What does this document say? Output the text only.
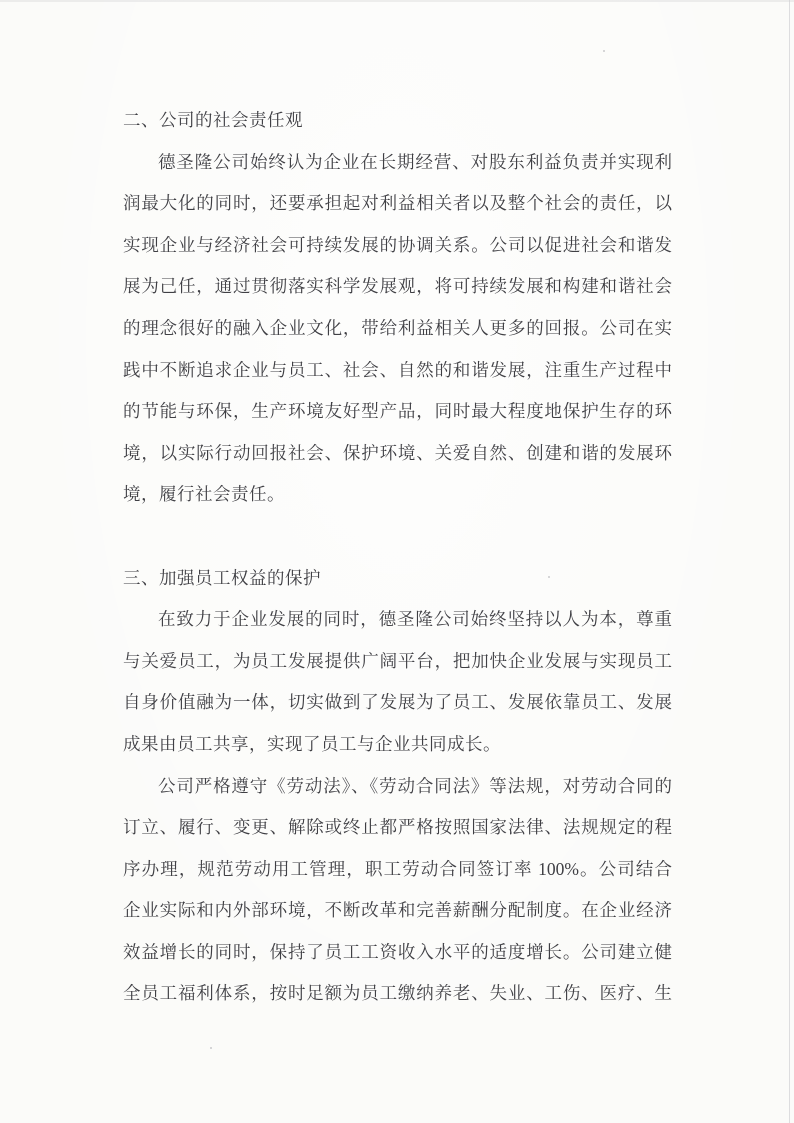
二、公司的社会责任观
德圣隆公司始终认为企业在长期经营、对股东利益负责并实现利
润最大化的同时，还要承担起对利益相关者以及整个社会的责任，以
实现企业与经济社会可持续发展的协调关系。公司以促进社会和谐发
展为己任，通过贯彻落实科学发展观，将可持续发展和构建和谐社会
的理念很好的融入企业文化，带给利益相关人更多的回报。公司在实
践中不断追求企业与员工、社会、自然的和谐发展，注重生产过程中
的节能与环保，生产环境友好型产品，同时最大程度地保护生存的环
境，以实际行动回报社会、保护环境、关爱自然、创建和谐的发展环
境，履行社会责任。
三、加强员工权益的保护
在致力于企业发展的同时，德圣隆公司始终坚持以人为本，尊重
与关爱员工，为员工发展提供广阔平台，把加快企业发展与实现员工
自身价值融为一体，切实做到了发展为了员工、发展依靠员工、发展
成果由员工共享，实现了员工与企业共同成长。
公司严格遵守《劳动法》、《劳动合同法》等法规，对劳动合同的
订立、履行、变更、解除或终止都严格按照国家法律、法规规定的程
序办理，规范劳动用工管理，职工劳动合同签订率 100%。公司结合
企业实际和内外部环境，不断改革和完善薪酬分配制度。在企业经济
效益增长的同时，保持了员工工资收入水平的适度增长。公司建立健
全员工福利体系，按时足额为员工缴纳养老、失业、工伤、医疗、生
